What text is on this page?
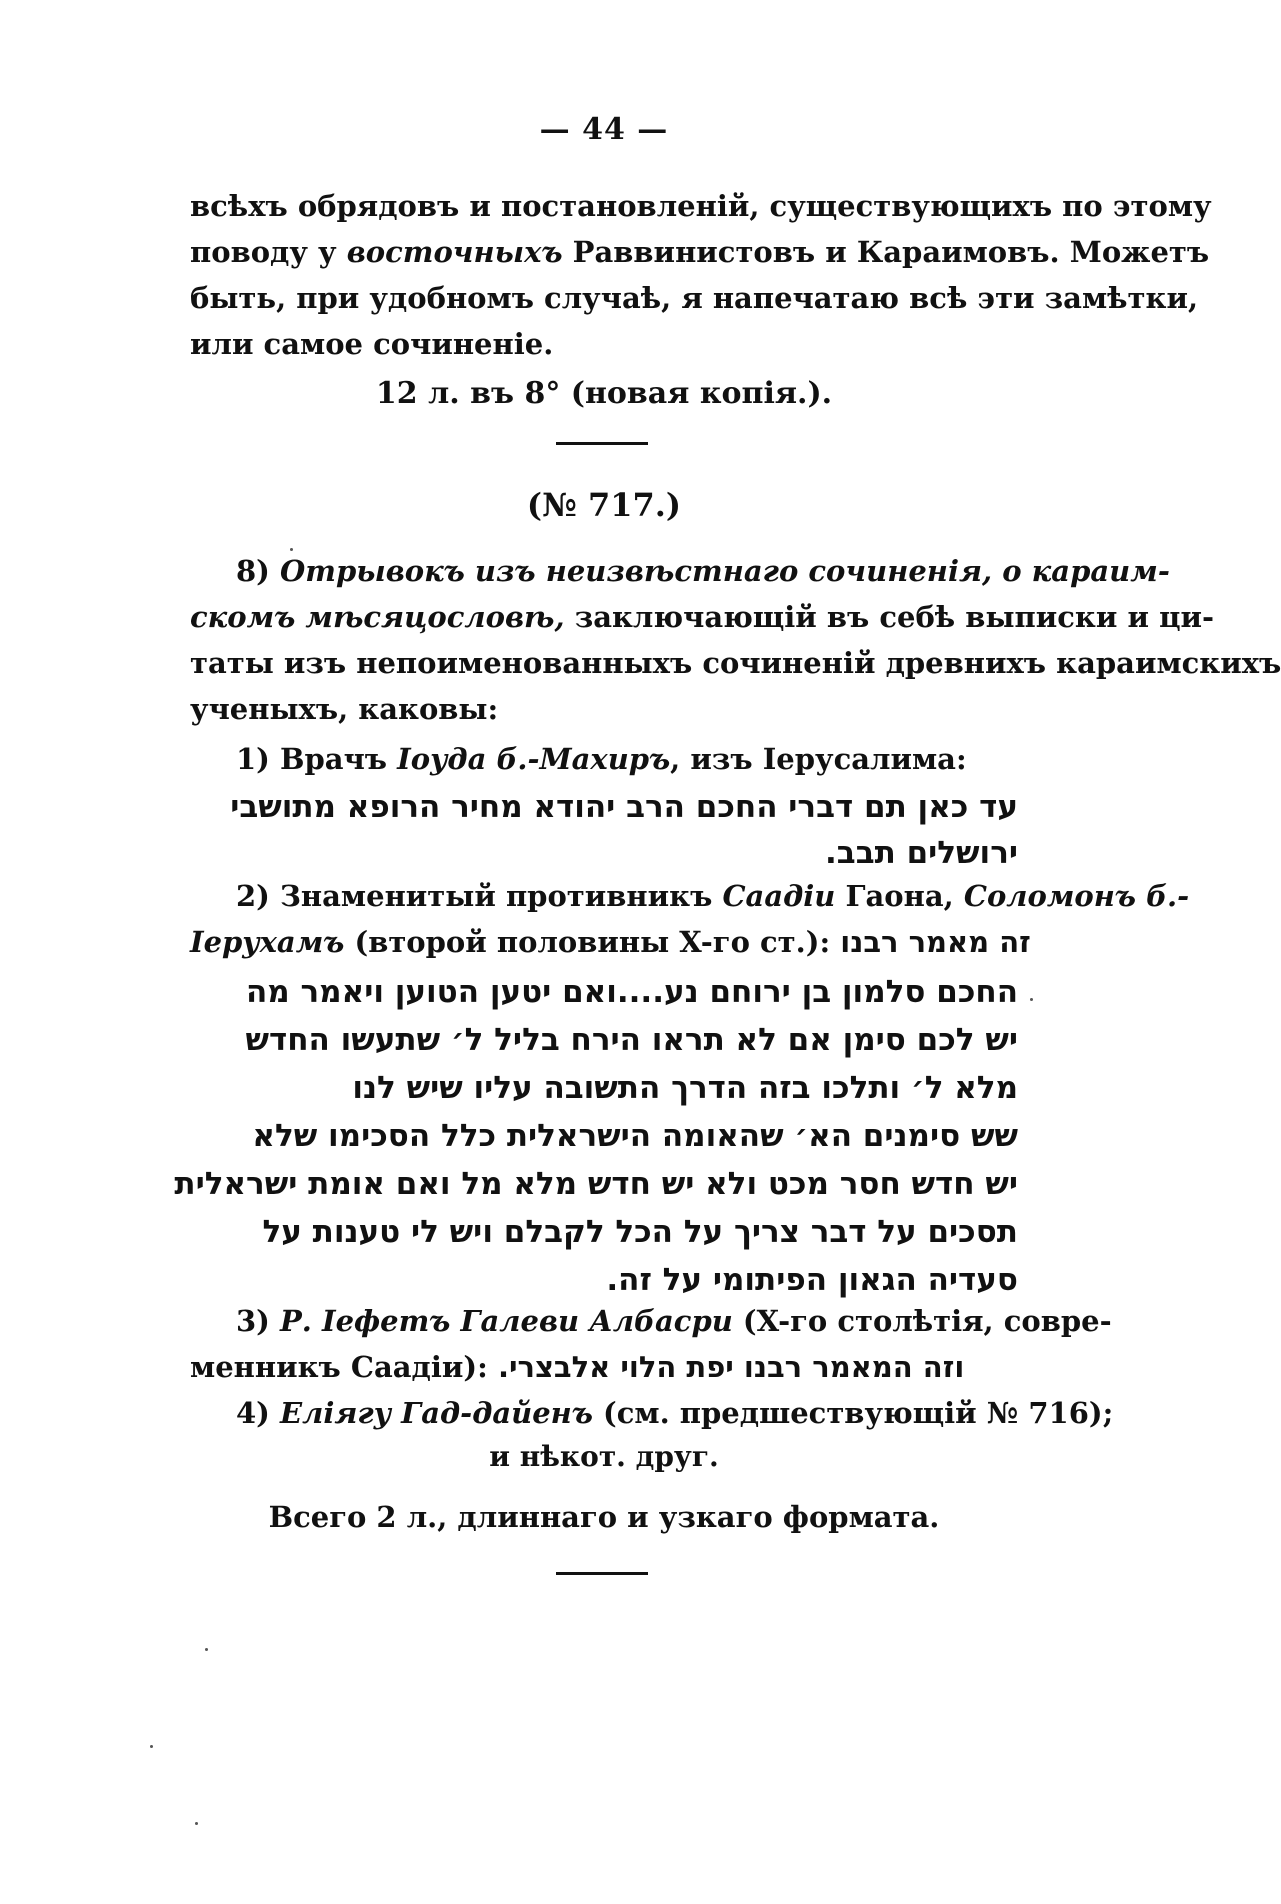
— 44 —
всѣхъ обрядовъ и постановленій, существующихъ по этому
поводу у восточныхъ Раввинистовъ и Караимовъ. Можетъ
быть, при удобномъ случаѣ, я напечатаю всѣ эти замѣтки,
или самое сочиненіе.
12 л. въ 8° (новая копія.).
(№ 717.)
8) Отрывокъ изъ неизвѣстнаго сочиненія, о караим-
скомъ мѣсяцословѣ, заключающій въ себѣ выписки и ци-
таты изъ непоименованныхъ сочиненій древнихъ караимскихъ
ученыхъ, каковы:
1) Врачъ Іоуда б.-Махиръ, изъ Іерусалима:
עד כאן תם דברי החכם הרב יהודא מחיר הרופא מתושבי
ירושלים תבב.
2) Знаменитый противникъ Саадіи Гаона, Соломонъ б.-
Іерухамъ (второй половины X-го ст.): זה מאמר רבנו
החכם סלמון בן ירוחם נע....ואם יטען הטוען ויאמר מה
יש לכם סימן אם לא תראו הירח בליל ל׳ שתעשו החדש
מלא ל׳ ותלכו בזה הדרך התשובה עליו שיש לנו
שש סימנים הא׳ שהאומה הישראלית כלל הסכימו שלא
יש חדש חסר מכט ולא יש חדש מלא מל ואם אומת ישראלית
תסכים על דבר צריך על הכל לקבלם ויש לי טענות על
סעדיה הגאון הפיתומי על זה.
3) Р. Іефетъ Галеви Албасри (X-го столѣтія, совре-
менникъ Саадіи): וזה המאמר רבנו יפת הלוי אלבצרי.
4) Еліягу Гад-дайенъ (см. предшествующій № 716);
и нѣкот. друг.
Всего 2 л., длиннаго и узкаго формата.
